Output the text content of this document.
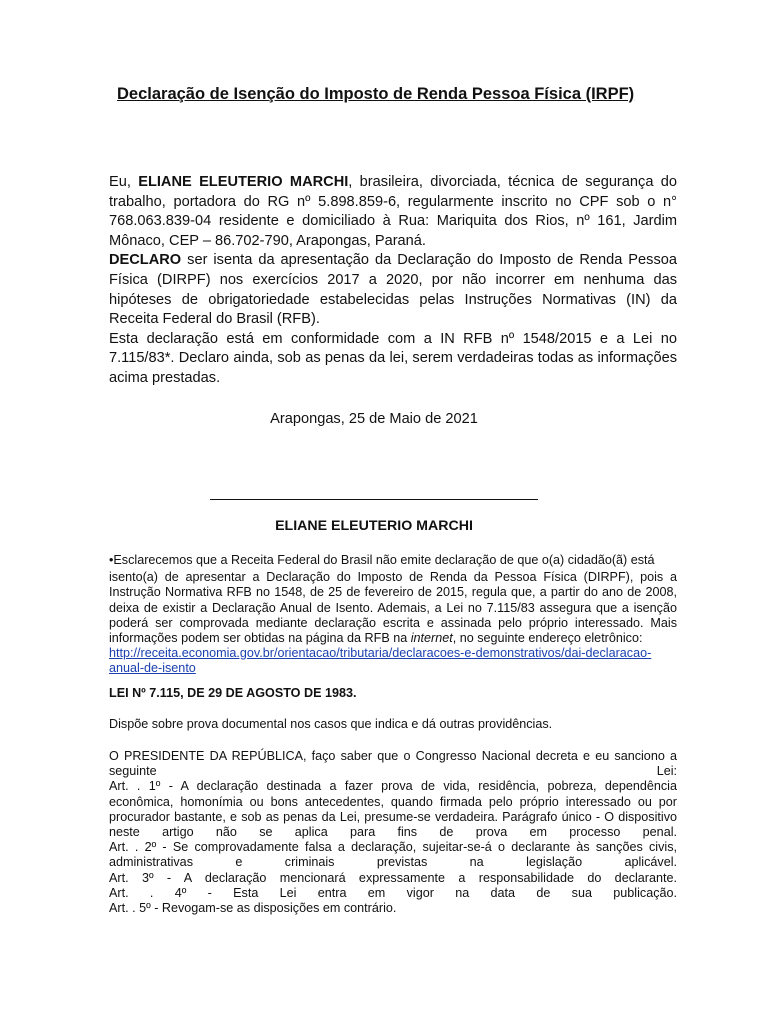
Declaração de Isenção do Imposto de Renda Pessoa Física (IRPF)

Eu, ELIANE ELEUTERIO MARCHI, brasileira, divorciada, técnica de segurança do trabalho, portadora do RG nº 5.898.859-6, regularmente inscrito no CPF sob o n° 768.063.839-04 residente e domiciliado à Rua: Mariquita dos Rios, nº 161, Jardim Mônaco, CEP – 86.702-790, Arapongas, Paraná.

DECLARO ser isenta da apresentação da Declaração do Imposto de Renda Pessoa Física (DIRPF) nos exercícios 2017 a 2020, por não incorrer em nenhuma das hipóteses de obrigatoriedade estabelecidas pelas Instruções Normativas (IN) da Receita Federal do Brasil (RFB).

Esta declaração está em conformidade com a IN RFB nº 1548/2015 e a Lei no 7.115/83*. Declaro ainda, sob as penas da lei, serem verdadeiras todas as informações acima prestadas.

Arapongas, 25 de Maio de 2021
ELIANE ELEUTERIO MARCHI
•Esclarecemos que a Receita Federal do Brasil não emite declaração de que o(a) cidadão(ã) está
isento(a) de apresentar a Declaração do Imposto de Renda da Pessoa Física (DIRPF), pois a Instrução Normativa RFB no 1548, de 25 de fevereiro de 2015, regula que, a partir do ano de 2008, deixa de existir a Declaração Anual de Isento. Ademais, a Lei no 7.115/83 assegura que a isenção poderá ser comprovada mediante declaração escrita e assinada pelo próprio interessado. Mais informações podem ser obtidas na página da RFB na internet, no seguinte endereço eletrônico:
http://receita.economia.gov.br/orientacao/tributaria/declaracoes-e-demonstrativos/dai-declaracao-
anual-de-isento
LEI Nº 7.115, DE 29 DE AGOSTO DE 1983.
Dispõe sobre prova documental nos casos que indica e dá outras providências.
O PRESIDENTE DA REPÚBLICA, faço saber que o Congresso Nacional decreta e eu sanciono a
seguinte Lei:
Art. . 1º - A declaração destinada a fazer prova de vida, residência, pobreza, dependência
econômica, homonímia ou bons antecedentes, quando firmada pelo próprio interessado ou por
procurador bastante, e sob as penas da Lei, presume-se verdadeira. Parágrafo único - O dispositivo
neste artigo não se aplica para fins de prova em processo penal.
Art. . 2º - Se comprovadamente falsa a declaração, sujeitar-se-á o declarante às sanções civis,
administrativas e criminais previstas na legislação aplicável.
Art. 3º - A declaração mencionará expressamente a responsabilidade do declarante.
Art. . 4º - Esta Lei entra em vigor na data de sua publicação.
Art. . 5º - Revogam-se as disposições em contrário.
